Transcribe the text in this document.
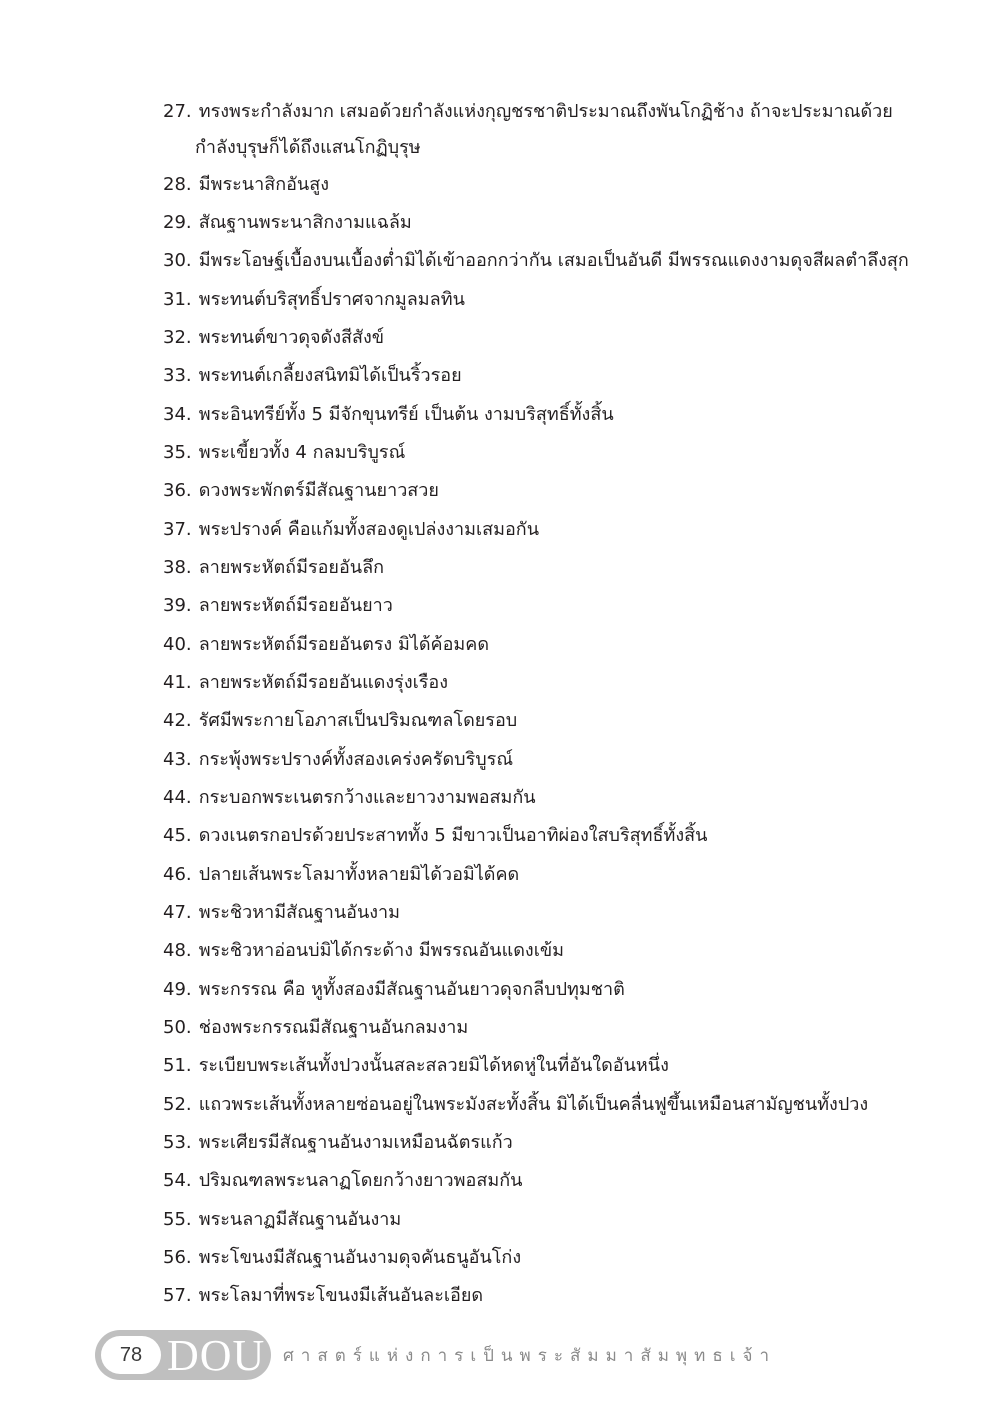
27. ทรงพระกำลังมาก เสมอด้วยกำลังแห่งกุญชรชาติประมาณถึงพันโกฏิช้าง ถ้าจะประมาณด้วย
กำลังบุรุษก็ได้ถึงแสนโกฏิบุรุษ
28. มีพระนาสิกอันสูง
29. สัณฐานพระนาสิกงามแฉล้ม
30. มีพระโอษฐ์เบื้องบนเบื้องต่ำมิได้เข้าออกกว่ากัน เสมอเป็นอันดี มีพรรณแดงงามดุจสีผลตำลึงสุก
31. พระทนต์บริสุทธิ์ปราศจากมูลมลทิน
32. พระทนต์ขาวดุจดังสีสังข์
33. พระทนต์เกลี้ยงสนิทมิได้เป็นริ้วรอย
34. พระอินทรีย์ทั้ง 5 มีจักขุนทรีย์ เป็นต้น งามบริสุทธิ์ทั้งสิ้น
35. พระเขี้ยวทั้ง 4 กลมบริบูรณ์
36. ดวงพระพักตร์มีสัณฐานยาวสวย
37. พระปรางค์ คือแก้มทั้งสองดูเปล่งงามเสมอกัน
38. ลายพระหัตถ์มีรอยอันลึก
39. ลายพระหัตถ์มีรอยอันยาว
40. ลายพระหัตถ์มีรอยอันตรง มิได้ค้อมคด
41. ลายพระหัตถ์มีรอยอันแดงรุ่งเรือง
42. รัศมีพระกายโอภาสเป็นปริมณฑลโดยรอบ
43. กระพุ้งพระปรางค์ทั้งสองเคร่งครัดบริบูรณ์
44. กระบอกพระเนตรกว้างและยาวงามพอสมกัน
45. ดวงเนตรกอปรด้วยประสาททั้ง 5 มีขาวเป็นอาทิผ่องใสบริสุทธิ์ทั้งสิ้น
46. ปลายเส้นพระโลมาทั้งหลายมิได้วอมิได้คด
47. พระชิวหามีสัณฐานอันงาม
48. พระชิวหาอ่อนบ่มิได้กระด้าง มีพรรณอันแดงเข้ม
49. พระกรรณ คือ หูทั้งสองมีสัณฐานอันยาวดุจกลีบปทุมชาติ
50. ช่องพระกรรณมีสัณฐานอันกลมงาม
51. ระเบียบพระเส้นทั้งปวงนั้นสละสลวยมิได้หดหู่ในที่อันใดอันหนึ่ง
52. แถวพระเส้นทั้งหลายซ่อนอยู่ในพระมังสะทั้งสิ้น มิได้เป็นคลื่นฟูขึ้นเหมือนสามัญชนทั้งปวง
53. พระเศียรมีสัณฐานอันงามเหมือนฉัตรแก้ว
54. ปริมณฑลพระนลาฏโดยกว้างยาวพอสมกัน
55. พระนลาฏมีสัณฐานอันงาม
56. พระโขนงมีสัณฐานอันงามดุจคันธนูอันโก่ง
57. พระโลมาที่พระโขนงมีเส้นอันละเอียด
78 DOU ศาสตร์แห่งการเป็นพระสัมมาสัมพุทธเจ้า
